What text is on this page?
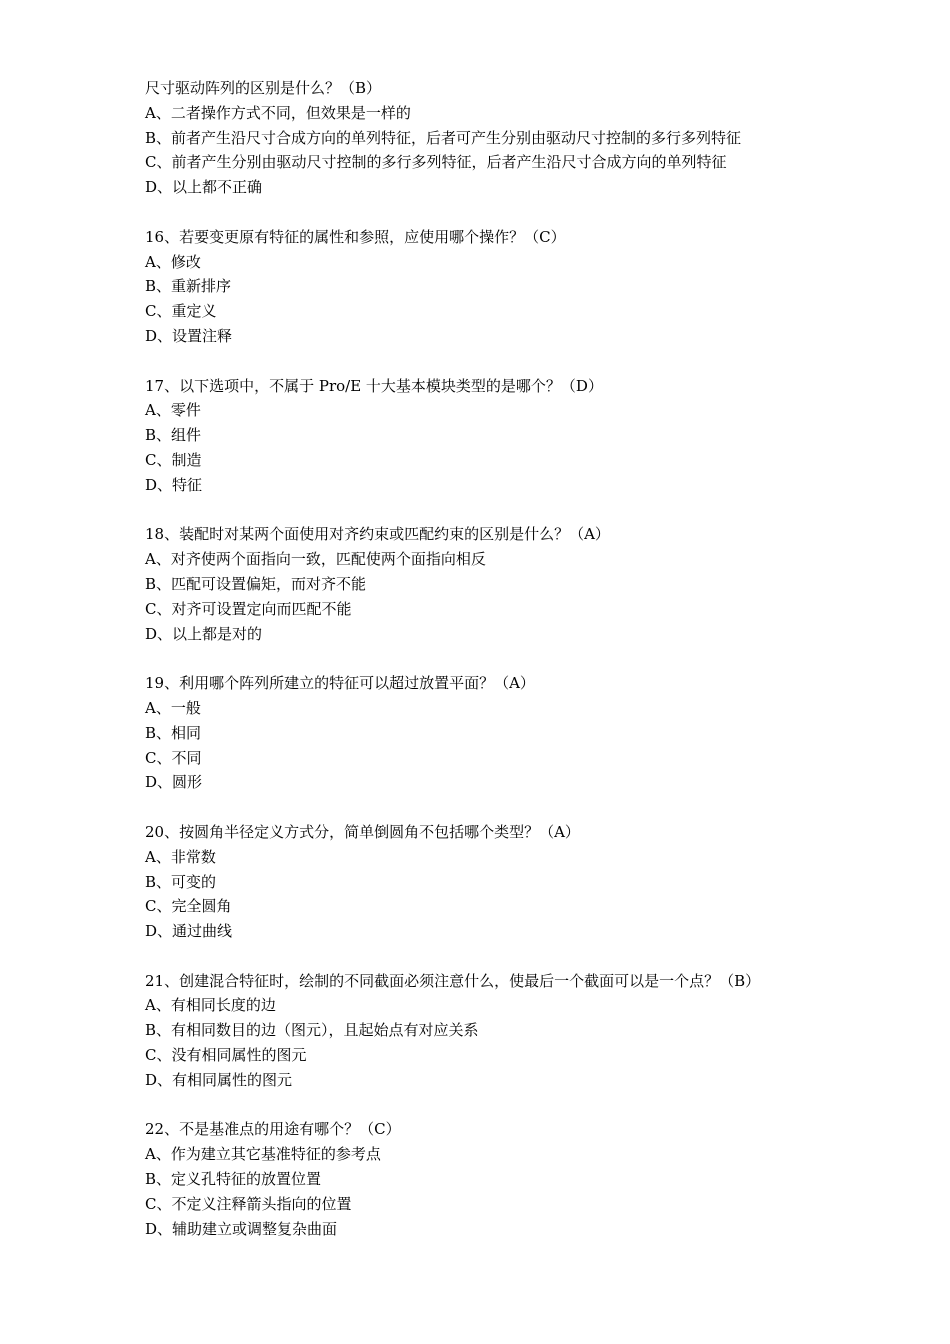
尺寸驱动阵列的区别是什么？（B）
A、二者操作方式不同，但效果是一样的
B、前者产生沿尺寸合成方向的单列特征，后者可产生分别由驱动尺寸控制的多行多列特征
C、前者产生分别由驱动尺寸控制的多行多列特征，后者产生沿尺寸合成方向的单列特征
D、以上都不正确
16、若要变更原有特征的属性和参照，应使用哪个操作？（C）
A、修改
B、重新排序
C、重定义
D、设置注释
17、以下选项中，不属于 Pro/E 十大基本模块类型的是哪个？（D）
A、零件
B、组件
C、制造
D、特征
18、装配时对某两个面使用对齐约束或匹配约束的区别是什么？（A）
A、对齐使两个面指向一致，匹配使两个面指向相反
B、匹配可设置偏矩，而对齐不能
C、对齐可设置定向而匹配不能
D、以上都是对的
19、利用哪个阵列所建立的特征可以超过放置平面？（A）
A、一般
B、相同
C、不同
D、圆形
20、按圆角半径定义方式分，简单倒圆角不包括哪个类型？（A）
A、非常数
B、可变的
C、完全圆角
D、通过曲线
21、创建混合特征时，绘制的不同截面必须注意什么，使最后一个截面可以是一个点？（B）
A、有相同长度的边
B、有相同数目的边（图元），且起始点有对应关系
C、没有相同属性的图元
D、有相同属性的图元
22、不是基准点的用途有哪个？（C）
A、作为建立其它基准特征的参考点
B、定义孔特征的放置位置
C、不定义注释箭头指向的位置
D、辅助建立或调整复杂曲面
